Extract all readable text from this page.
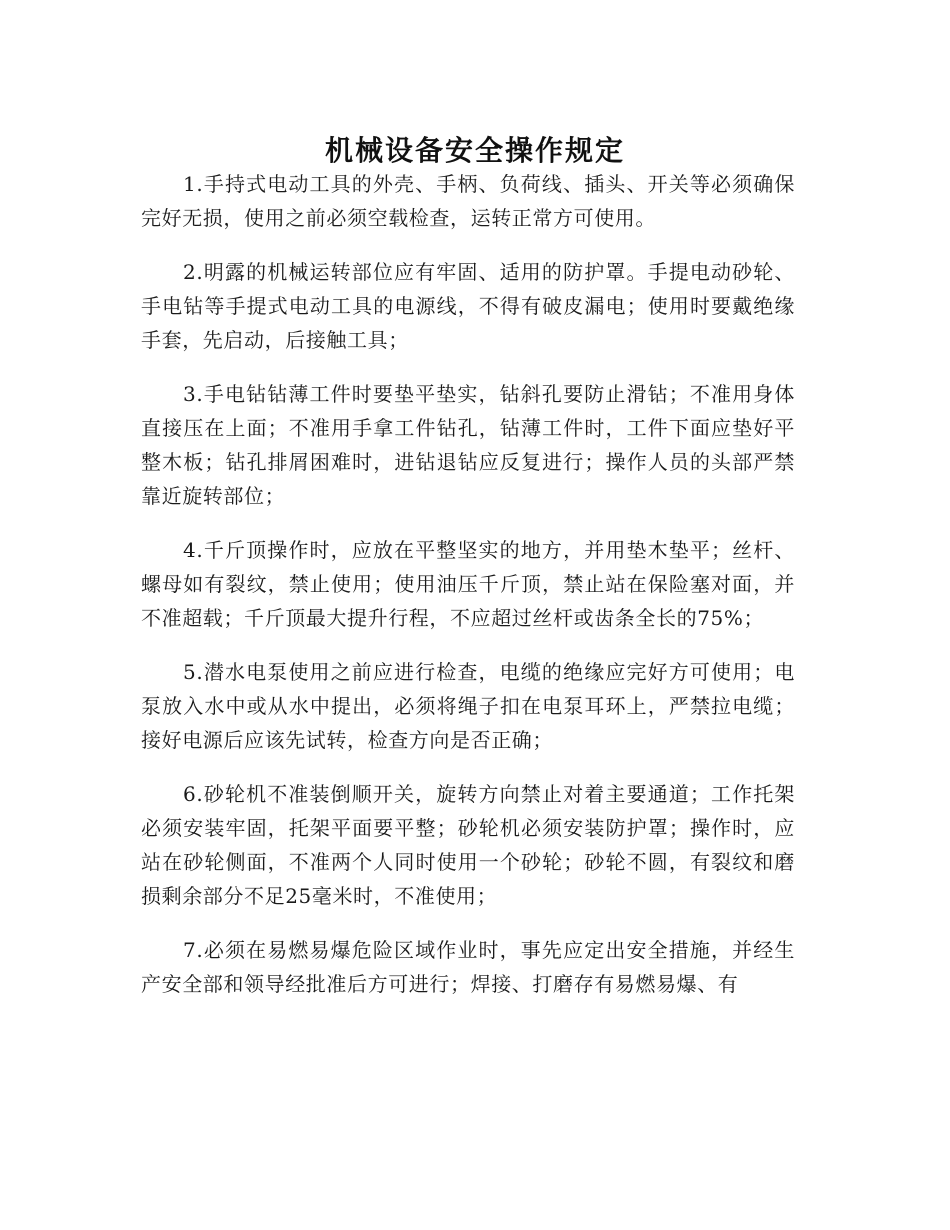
机械设备安全操作规定

1.手持式电动工具的外壳、手柄、负荷线、插头、开关等必须确保完好无损，使用之前必须空载检查，运转正常方可使用。

2.明露的机械运转部位应有牢固、适用的防护罩。手提电动砂轮、手电钻等手提式电动工具的电源线，不得有破皮漏电；使用时要戴绝缘手套，先启动，后接触工具；

3.手电钻钻薄工件时要垫平垫实，钻斜孔要防止滑钻；不准用身体直接压在上面；不准用手拿工件钻孔，钻薄工件时，工件下面应垫好平整木板；钻孔排屑困难时，进钻退钻应反复进行；操作人员的头部严禁靠近旋转部位；

4.千斤顶操作时，应放在平整坚实的地方，并用垫木垫平；丝杆、螺母如有裂纹，禁止使用；使用油压千斤顶，禁止站在保险塞对面，并不准超载；千斤顶最大提升行程，不应超过丝杆或齿条全长的75%；

5.潜水电泵使用之前应进行检查，电缆的绝缘应完好方可使用；电泵放入水中或从水中提出，必须将绳子扣在电泵耳环上，严禁拉电缆；接好电源后应该先试转，检查方向是否正确；

6.砂轮机不准装倒顺开关，旋转方向禁止对着主要通道；工作托架必须安装牢固，托架平面要平整；砂轮机必须安装防护罩；操作时，应站在砂轮侧面，不准两个人同时使用一个砂轮；砂轮不圆，有裂纹和磨损剩余部分不足25毫米时，不准使用；

7.必须在易燃易爆危险区域作业时，事先应定出安全措施，并经生产安全部和领导经批准后方可进行；焊接、打磨存有易燃易爆、有
